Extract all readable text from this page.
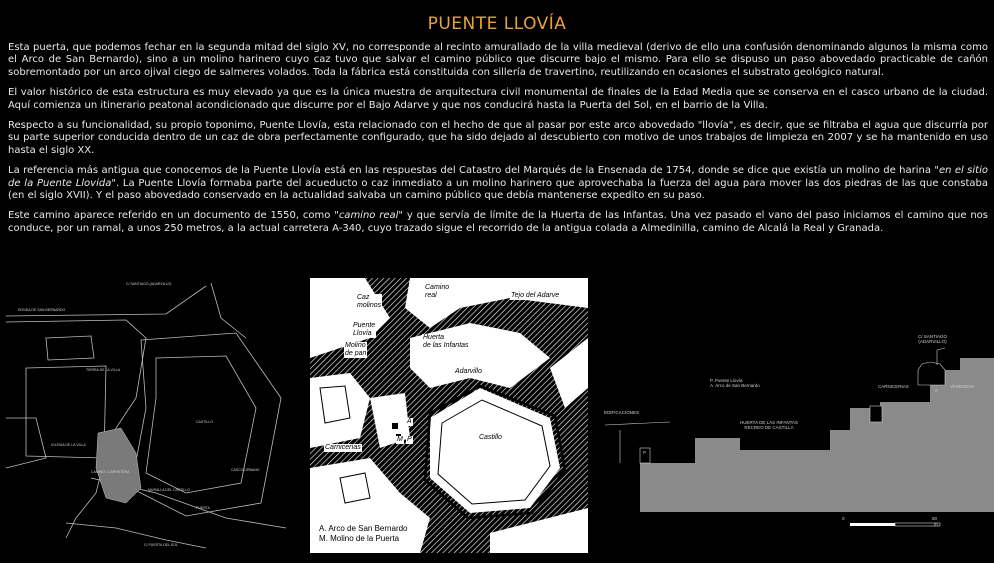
PUENTE LLOVÍA

Esta puerta, que podemos fechar en la segunda mitad del siglo XV, no corresponde al recinto amurallado de la villa medieval (derivo de ello una confusión denominando algunos la misma como el Arco de San Bernardo), sino a un molino harinero cuyo caz tuvo que salvar el camino público que discurre bajo el mismo. Para ello se dispuso un paso abovedado practicable de cañón sobremontado por un arco ojival ciego de salmeres volados. Toda la fábrica está constituida con sillería de travertino, reutilizando en ocasiones el substrato geológico natural.

El valor histórico de esta estructura es muy elevado ya que es la única muestra de arquitectura civil monumental de finales de la Edad Media que se conserva en el casco urbano de la ciudad. Aquí comienza un itinerario peatonal acondicionado que discurre por el Bajo Adarve y que nos conducirá hasta la Puerta del Sol, en el barrio de la Villa.

Respecto a su funcionalidad, su propio toponimo, Puente Llovía, esta relacionado con el hecho de que al pasar por este arco abovedado "llovía", es decir, que se filtraba el agua que discurría por su parte superior conducida dentro de un caz de obra perfectamente configurado, que ha sido dejado al descubierto con motivo de unos trabajos de limpieza en 2007 y se ha mantenido en uso hasta el siglo XX.

La referencia más antigua que conocemos de la Puente Llovía está en las respuestas del Catastro del Marqués de la Ensenada de 1754, donde se dice que existía un molino de harina "en el sitio de la Puente Llovida". La Puente Llovía formaba parte del acueducto o caz inmediato a un molino harinero que aprovechaba la fuerza del agua para mover las dos piedras de las que constaba (en el siglo XVII). Y el paso abovedado conservado en la actualidad salvaba un camino público que debía mantenerse expedito en su paso.

Este camino aparece referido en un documento de 1550, como "camino real" y que servía de límite de la Huerta de las Infantas. Una vez pasado el vano del paso iniciamos el camino que nos conduce, por un ramal, a unos 250 metros, a la actual carretera A-340, cuyo trazado sigue el recorrido de la antigua colada a Almedinilla, camino de Alcalá la Real y Granada.

C/ SANTIAGO (ADARVILLO)
RONDA DE SAN BERNARDO
TIERRA DE LA VILLA
IGLESIA DE LA VILLA
CASTILLO
CAMINO / CARRETERA
MURALLA DEL CASTILLO
CASCO URBANO
PUERTA
C/ PUERTA DEL SOL
Caz
molinos
Camino
real	Tejo del Adarve
Puente
Llovía
Molino
de pan
Huerta
de las Infantas
Adarvillo
Castillo
Carnicerías
A
M P
A. Arco de San Bernardo
M. Molino de la Puerta
C/ SANTIAGO
(ADARVILLO)
P. Puente Llovía
A. Arco de San Bernardo	CARNICERIAS
A
VIVIENDAS
EDIFICACIONES
HUERTA DE LAS INFANTAS
RECREO DE CASTILLA
P
0	50
m
